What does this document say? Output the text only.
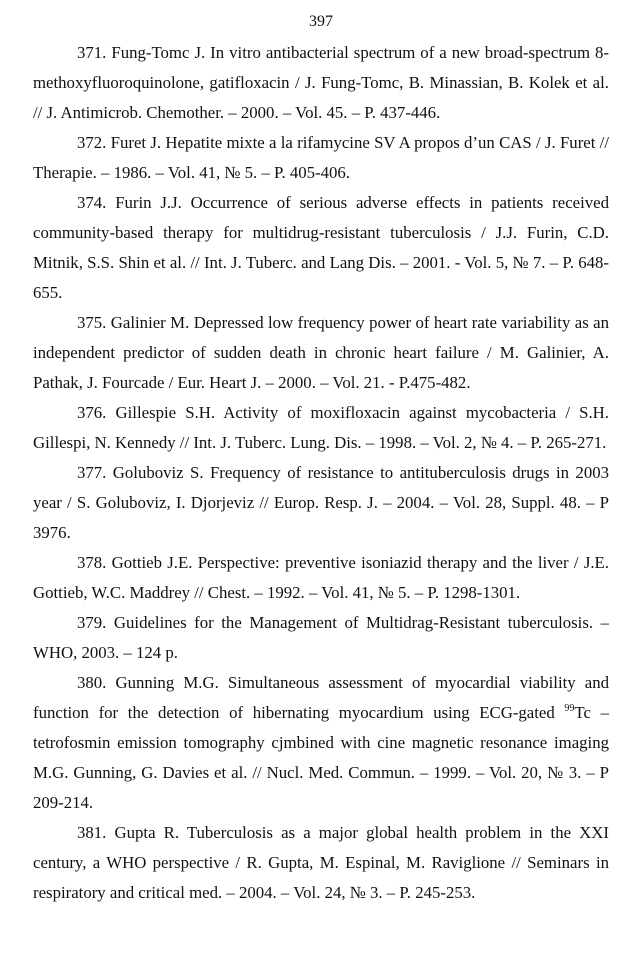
397
371. Fung-Tomc J. In vitro antibacterial spectrum of a new broad-spectrum 8-methoxyfluoroquinolone, gatifloxacin / J. Fung-Tomc, B. Minassian, B. Kolek et al. // J. Antimicrob. Chemother. – 2000. – Vol. 45. – P. 437-446.
372. Furet J. Hepatite mixte a la rifamycine SV A propos d’un CAS / J. Furet // Therapie. – 1986. – Vol. 41, № 5. – P. 405-406.
374. Furin J.J. Occurrence of serious adverse effects in patients received community-based therapy for multidrug-resistant tuberculosis / J.J. Furin, C.D. Mitnik, S.S. Shin et al. // Int. J. Tuberc. and Lang Dis. – 2001. - Vol. 5, № 7. – P. 648-655.
375. Galinier M. Depressed low frequency power of heart rate variability as an independent predictor of sudden death in chronic heart failure / M. Galinier, A. Pathak, J. Fourcade / Eur. Heart J. – 2000. – Vol. 21. - P.475-482.
376. Gillespie S.H. Activity of moxifloxacin against mycobacteria / S.H. Gillespi, N. Kennedy // Int. J. Tuberc. Lung. Dis. – 1998. – Vol. 2, № 4. – P. 265-271.
377. Goluboviz S. Frequency of resistance to antituberculosis drugs in 2003 year / S. Goluboviz, I. Djorjeviz // Europ. Resp. J. – 2004. – Vol. 28, Suppl. 48. – P 3976.
378. Gottieb J.E. Perspective: preventive isoniazid therapy and the liver / J.E. Gottieb, W.C. Maddrey // Chest. – 1992. – Vol. 41, № 5. – P. 1298-1301.
379. Guidelines for the Management of Multidrag-Resistant tuberculosis. – WHO, 2003. – 124 p.
380. Gunning M.G. Simultaneous assessment of myocardial viability and function for the detection of hibernating myocardium using ECG-gated $^{99}$Tc – tetrofosmin emission tomography cjmbined with cine magnetic resonance imaging M.G. Gunning, G. Davies et al. // Nucl. Med. Commun. – 1999. – Vol. 20, № 3. – P 209-214.
381. Gupta R. Tuberculosis as a major global health problem in the XXI century, a WHO perspective / R. Gupta, M. Espinal, M. Raviglione // Seminars in respiratory and critical med. – 2004. – Vol. 24, № 3. – P. 245-253.
